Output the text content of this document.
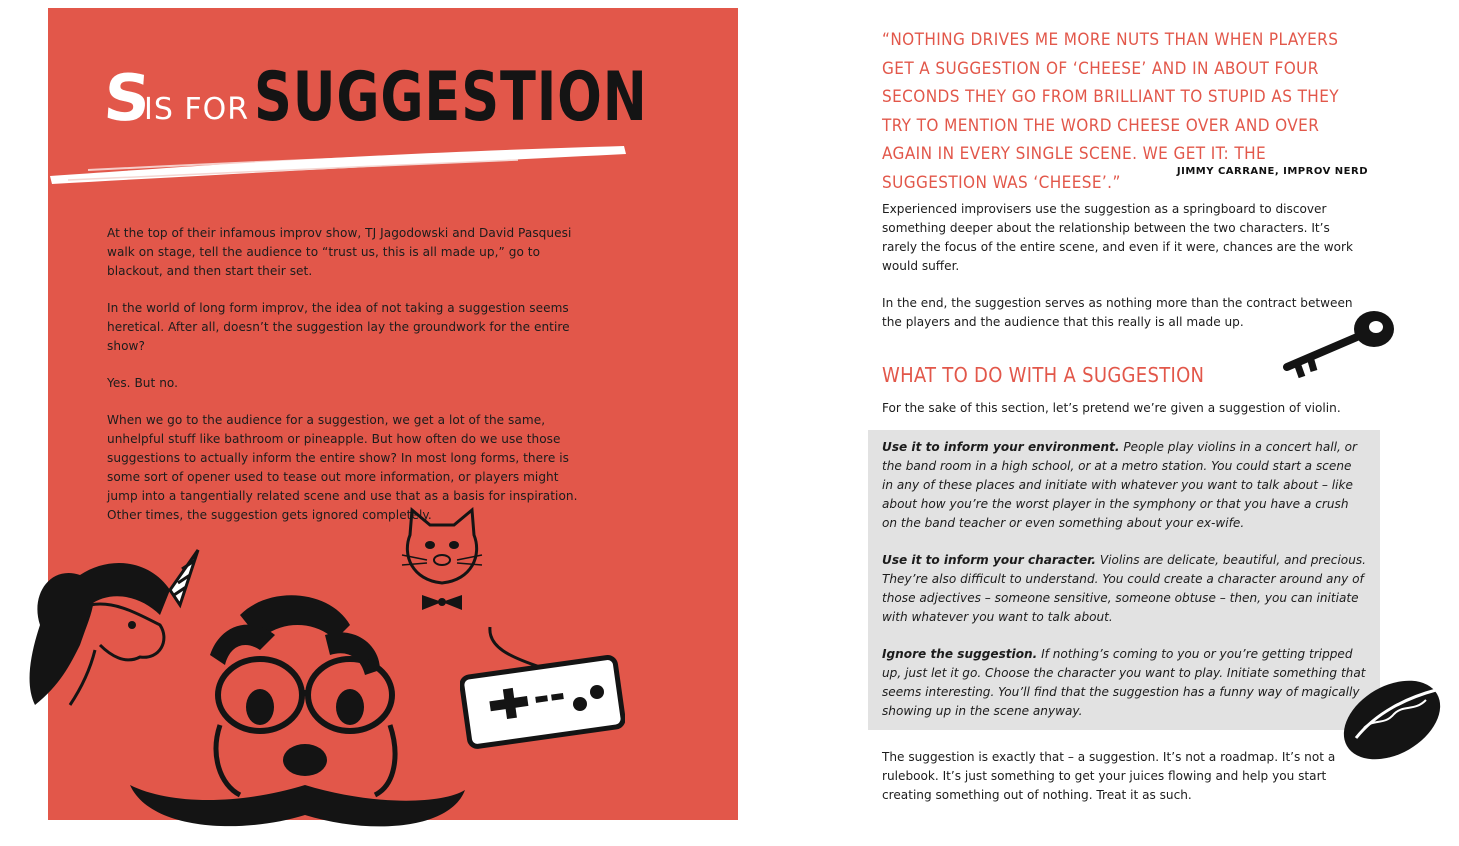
S
IS FOR SUGGESTION

At the top of their infamous improv show, TJ Jagodowski and David Pasquesi walk on stage, tell the audience to “trust us, this is all made up,” go to blackout, and then start their set.

In the world of long form improv, the idea of not taking a suggestion seems heretical. After all, doesn’t the suggestion lay the groundwork for the entire show?

Yes. But no.

When we go to the audience for a suggestion, we get a lot of the same, unhelpful stuff like bathroom or pineapple. But how often do we use those suggestions to actually inform the entire show? In most long forms, there is some sort of opener used to tease out more information, or players might jump into a tangentially related scene and use that as a basis for inspiration. Other times, the suggestion gets ignored completely.

“NOTHING DRIVES ME MORE NUTS THAN WHEN PLAYERS GET A SUGGESTION OF ‘CHEESE’ AND IN ABOUT FOUR SECONDS THEY GO FROM BRILLIANT TO STUPID AS THEY TRY TO MENTION THE WORD CHEESE OVER AND OVER AGAIN IN EVERY SINGLE SCENE. WE GET IT: THE SUGGESTION WAS ‘CHEESE’.”
JIMMY CARRANE, IMPROV NERD
Experienced improvisers use the suggestion as a springboard to discover something deeper about the relationship between the two characters. It’s rarely the focus of the entire scene, and even if it were, chances are the work would suffer.
In the end, the suggestion serves as nothing more than the contract between the players and the audience that this really is all made up.
WHAT TO DO WITH A SUGGESTION
For the sake of this section, let’s pretend we’re given a suggestion of violin.
Use it to inform your environment. People play violins in a concert hall, or the band room in a high school, or at a metro station. You could start a scene in any of these places and initiate with whatever you want to talk about – like about how you’re the worst player in the symphony or that you have a crush on the band teacher or even something about your ex-wife.
Use it to inform your character. Violins are delicate, beautiful, and precious. They’re also difficult to understand. You could create a character around any of those adjectives – someone sensitive, someone obtuse – then, you can initiate with whatever you want to talk about.
Ignore the suggestion. If nothing’s coming to you or you’re getting tripped up, just let it go. Choose the character you want to play. Initiate something that seems interesting. You’ll find that the suggestion has a funny way of magically showing up in the scene anyway.
The suggestion is exactly that – a suggestion. It’s not a roadmap. It’s not a rulebook. It’s just something to get your juices flowing and help you start creating something out of nothing. Treat it as such.
